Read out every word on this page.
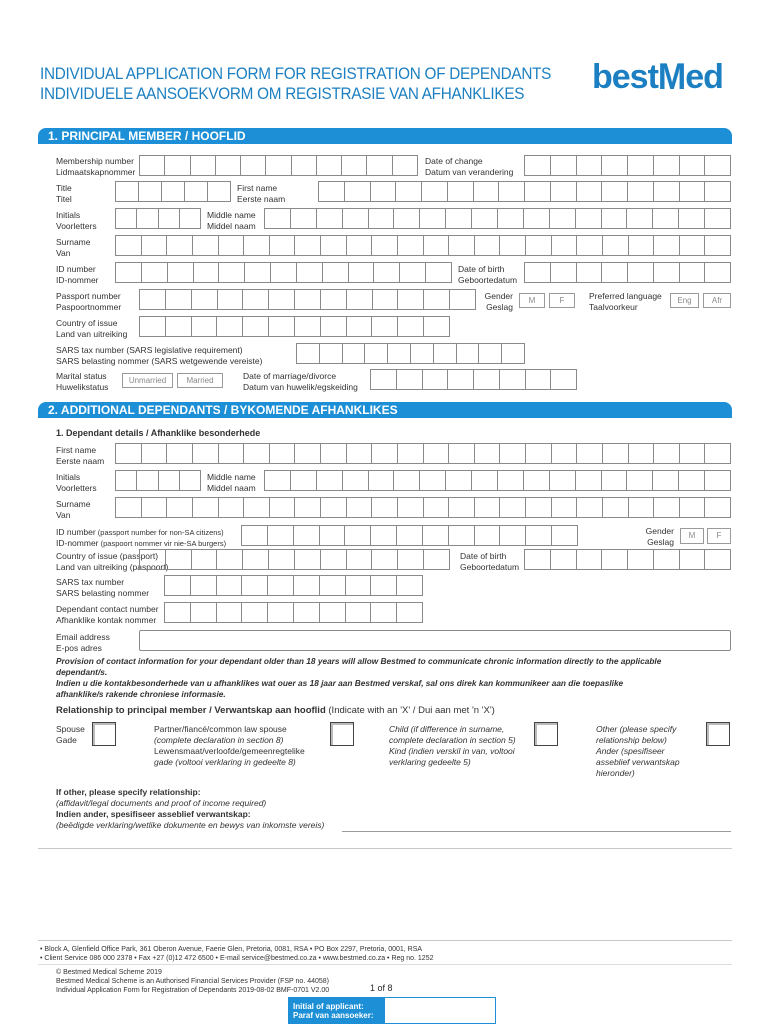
INDIVIDUAL APPLICATION FORM FOR REGISTRATION OF DEPENDANTS
INDIVIDUELE AANSOEKVORM OM REGISTRASIE VAN AFHANKLIKES bestMed
1. PRINCIPAL MEMBER / HOOFLID
Membership number
Lidmaatskapnommer
Date of change
Datum van verandering
Title
Titel
First name
Eerste naam
Initials
Voorletters
Middle name
Middel naam
Surname
Van
ID number
ID-nommer
Date of birth
Geboortedatum
Passport number
Paspoortnommer
Gender
Geslag
M	F	Preferred language
Taalvoorkeur
Eng	Afr
Country of issue
Land van uitreiking
SARS tax number (SARS legislative requirement)
SARS belasting nommer (SARS wetgewende vereiste)
Marital status
Huwelikstatus
Unmarried	Married	Date of marriage/divorce
Datum van huwelik/egskeiding
2. ADDITIONAL DEPENDANTS / BYKOMENDE AFHANKLIKES
1. Dependant details / Afhanklike besonderhede
First name
Eerste naam
Initials
Voorletters
Middle name
Middel naam
Surname
Van
ID number (passport number for non-SA citizens)
ID-nommer (paspoort nommer vir nie-SA burgers)
Gender
Geslag
M	F
Country of issue (passport)
Land van uitreiking (paspoort)
Date of birth
Geboortedatum
SARS tax number
SARS belasting nommer
Dependant contact number
Afhanklike kontak nommer
Email address
E-pos adres
Provision of contact information for your dependant older than 18 years will allow Bestmed to communicate chronic information directly to the applicable
dependant/s.
Indien u die kontakbesonderhede van u afhanklikes wat ouer as 18 jaar aan Bestmed verskaf, sal ons direk kan kommunikeer aan die toepaslike
afhanklike/s rakende chroniese informasie.
Relationship to principal member / Verwantskap aan hooflid (Indicate with an 'X' / Dui aan met 'n 'X')
Spouse
Gade
Partner/fiancé/common law spouse
(complete declaration in section 8)
Lewensmaat/verloofde/gemeenregtelike
gade (voltooi verklaring in gedeelte 8)
Child (if difference in surname,
complete declaration in section 5)
Kind (indien verskil in van, voltooi
verklaring gedeelte 5)
Other (please specify
relationship below)
Ander (spesifiseer
asseblief verwantskap
hieronder)
If other, please specify relationship:
(affidavit/legal documents and proof of income required)
Indien ander, spesifiseer asseblief verwantskap:
(beëdigde verklaring/wetlike dokumente en bewys van inkomste vereis)
• Block A, Glenfield Office Park, 361 Oberon Avenue, Faerie Glen, Pretoria, 0081, RSA • PO Box 2297, Pretoria, 0001, RSA
• Client Service 086 000 2378 • Fax +27 (0)12 472 6500 • E-mail service@bestmed.co.za • www.bestmed.co.za • Reg no. 1252
© Bestmed Medical Scheme 2019
Bestmed Medical Scheme is an Authorised Financial Services Provider (FSP no. 44058)
Individual Application Form for Registration of Dependants 2019-08-02 BMF-0701 V2.00	1 of 8
Initial of applicant:
Paraf van aansoeker:
